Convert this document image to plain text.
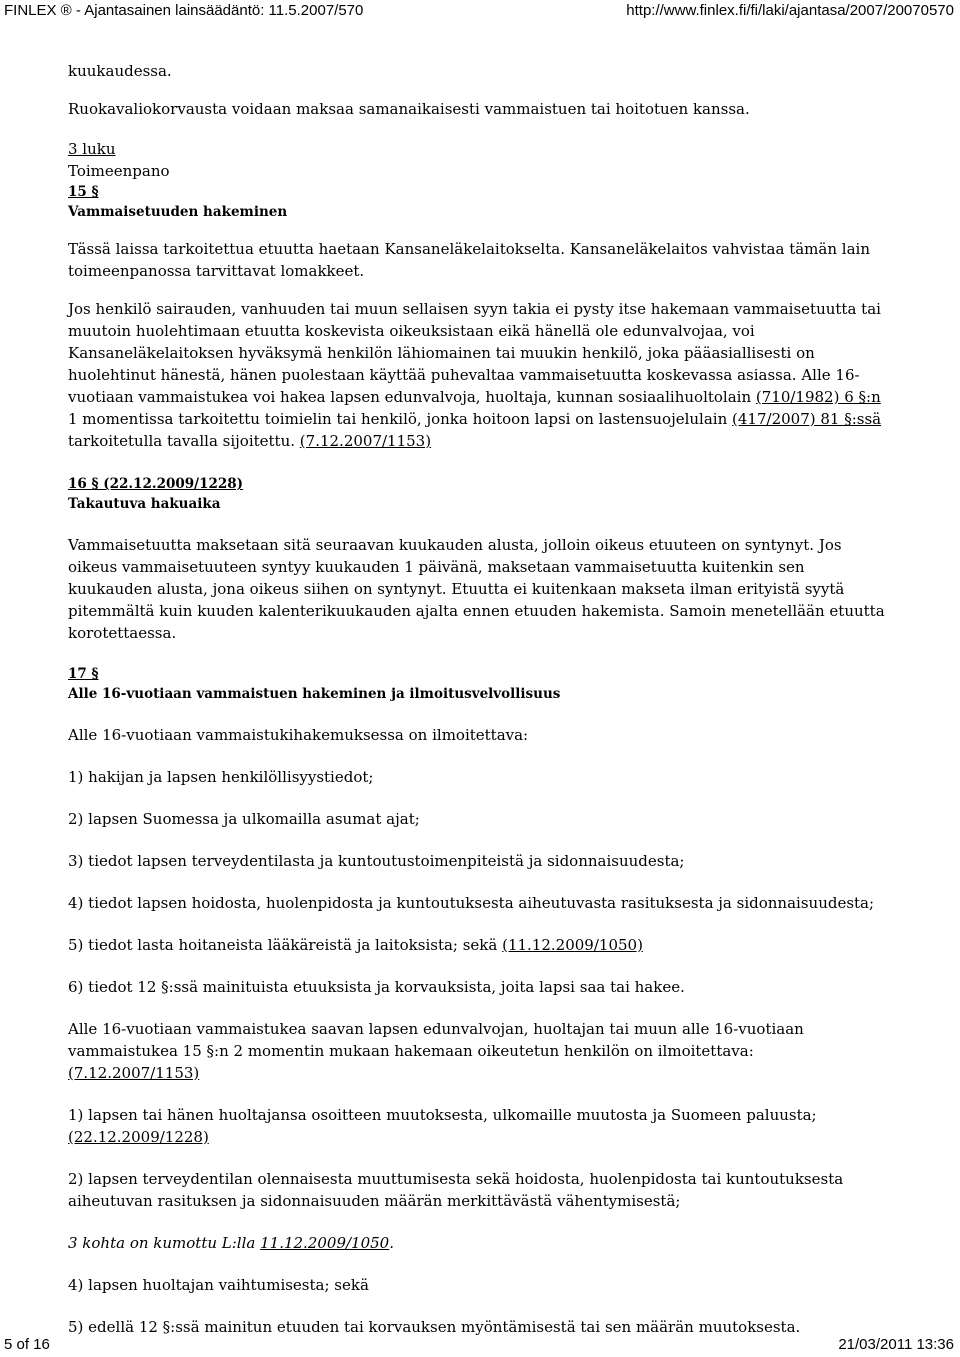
FINLEX ® - Ajantasainen lainsäädäntö: 11.5.2007/570	http://www.finlex.fi/fi/laki/ajantasa/2007/20070570

kuukaudessa.

Ruokavaliokorvausta voidaan maksaa samanaikaisesti vammaistuen tai hoitotuen kanssa.

3 luku

Toimeenpano

15 §

Vammaisetuuden hakeminen

Tässä laissa tarkoitettua etuutta haetaan Kansaneläkelaitokselta. Kansaneläkelaitos vahvistaa tämän lain toimeenpanossa tarvittavat lomakkeet.

Jos henkilö sairauden, vanhuuden tai muun sellaisen syyn takia ei pysty itse hakemaan vammaisetuutta tai muutoin huolehtimaan etuutta koskevista oikeuksistaan eikä hänellä ole edunvalvojaa, voi Kansaneläkelaitoksen hyväksymä henkilön lähiomainen tai muukin henkilö, joka pääasiallisesti on huolehtinut hänestä, hänen puolestaan käyttää puhevaltaa vammaisetuutta koskevassa asiassa. Alle 16-vuotiaan vammaistukea voi hakea lapsen edunvalvoja, huoltaja, kunnan sosiaalihuoltolain (710/1982) 6 §:n 1 momentissa tarkoitettu toimielin tai henkilö, jonka hoitoon lapsi on lastensuojelulain (417/2007) 81 §:ssä tarkoitetulla tavalla sijoitettu. (7.12.2007/1153)

16 § (22.12.2009/1228)

Takautuva hakuaika

Vammaisetuutta maksetaan sitä seuraavan kuukauden alusta, jolloin oikeus etuuteen on syntynyt. Jos oikeus vammaisetuuteen syntyy kuukauden 1 päivänä, maksetaan vammaisetuutta kuitenkin sen kuukauden alusta, jona oikeus siihen on syntynyt. Etuutta ei kuitenkaan makseta ilman erityistä syytä pitemmältä kuin kuuden kalenterikuukauden ajalta ennen etuuden hakemista. Samoin menetellään etuutta korotettaessa.

17 §

Alle 16-vuotiaan vammaistuen hakeminen ja ilmoitusvelvollisuus

Alle 16-vuotiaan vammaistukihakemuksessa on ilmoitettava:

1) hakijan ja lapsen henkilöllisyystiedot;

2) lapsen Suomessa ja ulkomailla asumat ajat;

3) tiedot lapsen terveydentilasta ja kuntoutustoimenpiteistä ja sidonnaisuudesta;

4) tiedot lapsen hoidosta, huolenpidosta ja kuntoutuksesta aiheutuvasta rasituksesta ja sidonnaisuudesta;

5) tiedot lasta hoitaneista lääkäreistä ja laitoksista; sekä (11.12.2009/1050)

6) tiedot 12 §:ssä mainituista etuuksista ja korvauksista, joita lapsi saa tai hakee.

Alle 16-vuotiaan vammaistukea saavan lapsen edunvalvojan, huoltajan tai muun alle 16-vuotiaan vammaistukea 15 §:n 2 momentin mukaan hakemaan oikeutetun henkilön on ilmoitettava: (7.12.2007/1153)

1) lapsen tai hänen huoltajansa osoitteen muutoksesta, ulkomaille muutosta ja Suomeen paluusta;
(22.12.2009/1228)

2) lapsen terveydentilan olennaisesta muuttumisesta sekä hoidosta, huolenpidosta tai kuntoutuksesta aiheutuvan rasituksen ja sidonnaisuuden määrän merkittävästä vähentymisestä;

3 kohta on kumottu L:lla 11.12.2009/1050.

4) lapsen huoltajan vaihtumisesta; sekä

5) edellä 12 §:ssä mainitun etuuden tai korvauksen myöntämisestä tai sen määrän muutoksesta.

5 of 16	21/03/2011 13:36
